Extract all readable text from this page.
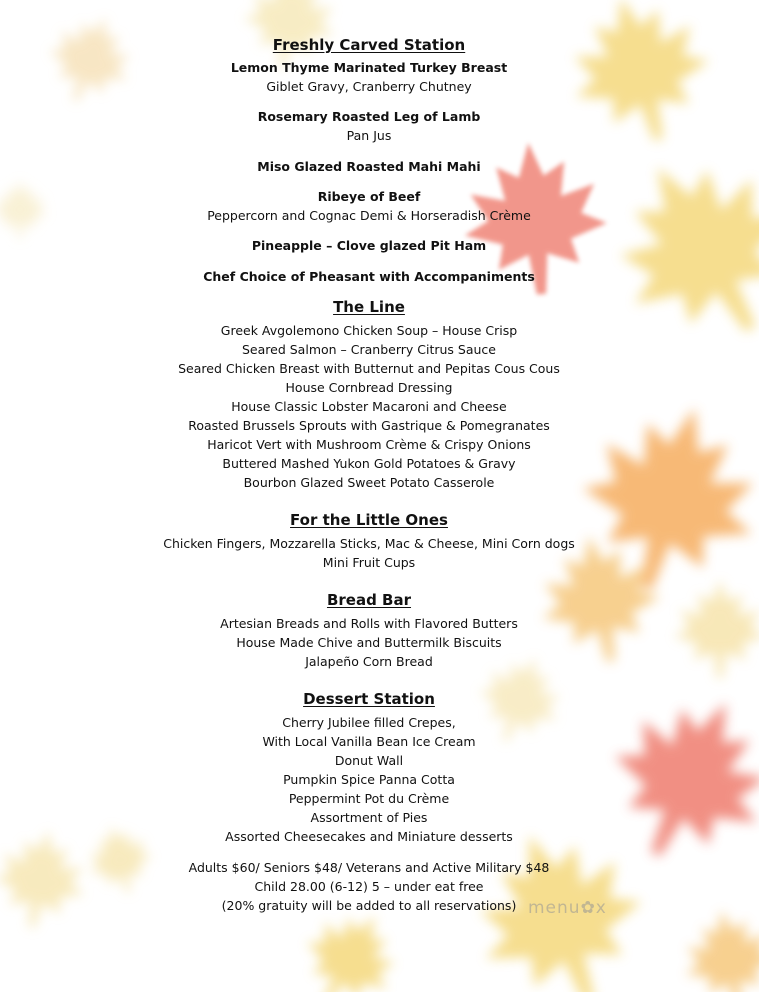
Freshly Carved Station
Lemon Thyme Marinated Turkey Breast
Giblet Gravy, Cranberry Chutney
Rosemary Roasted Leg of Lamb
Pan Jus
Miso Glazed Roasted Mahi Mahi
Ribeye of Beef
Peppercorn and Cognac Demi & Horseradish Crème
Pineapple – Clove glazed Pit Ham
Chef Choice of Pheasant with Accompaniments
The Line
Greek Avgolemono Chicken Soup – House Crisp
Seared Salmon – Cranberry Citrus Sauce
Seared Chicken Breast with Butternut and Pepitas Cous Cous
House Cornbread Dressing
House Classic Lobster Macaroni and Cheese
Roasted Brussels Sprouts with Gastrique & Pomegranates
Haricot Vert with Mushroom Crème & Crispy Onions
Buttered Mashed Yukon Gold Potatoes & Gravy
Bourbon Glazed Sweet Potato Casserole
For the Little Ones
Chicken Fingers, Mozzarella Sticks, Mac & Cheese, Mini Corn dogs
Mini Fruit Cups
Bread Bar
Artesian Breads and Rolls with Flavored Butters
House Made Chive and Buttermilk Biscuits
Jalapeño Corn Bread
Dessert Station
Cherry Jubilee filled Crepes,
With Local Vanilla Bean Ice Cream
Donut Wall
Pumpkin Spice Panna Cotta
Peppermint Pot du Crème
Assortment of Pies
Assorted Cheesecakes and Miniature desserts
Adults $60/ Seniors $48/ Veterans and Active Military $48
Child 28.00 (6-12) 5 – under eat free
(20% gratuity will be added to all reservations) menu✿x
